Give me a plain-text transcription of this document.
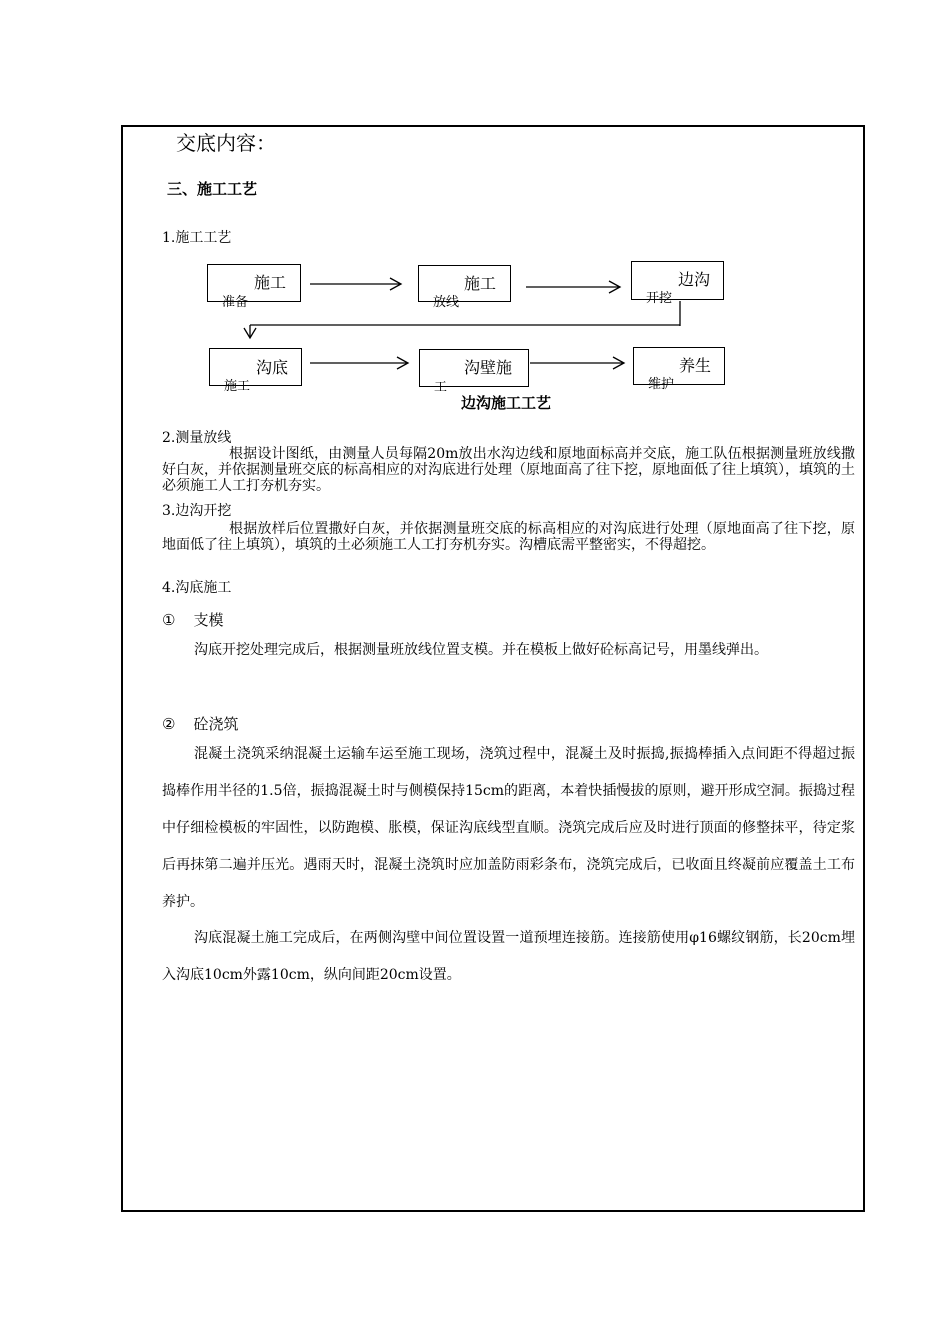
交底内容：
三、施工工艺
1.施工工艺
施工
准备
施工
放线
边沟
开挖
沟底
施工
沟壁施
工
养生
维护
边沟施工工艺
2.测量放线
根据设计图纸，由测量人员每隔20m放出水沟边线和原地面标高并交底，施工队伍根据测量班放线撒好白灰，并依据测量班交底的标高相应的对沟底进行处理（原地面高了往下挖，原地面低了往上填筑），填筑的土必须施工人工打夯机夯实。
3.边沟开挖
根据放样后位置撒好白灰，并依据测量班交底的标高相应的对沟底进行处理（原地面高了往下挖，原地面低了往上填筑），填筑的土必须施工人工打夯机夯实。沟槽底需平整密实，不得超挖。
4.沟底施工
① 支模
沟底开挖处理完成后，根据测量班放线位置支模。并在模板上做好砼标高记号，用墨线弹出。
② 砼浇筑
混凝土浇筑采纳混凝土运输车运至施工现场，浇筑过程中，混凝土及时振捣,振捣棒插入点间距不得超过振捣棒作用半径的1.5倍，振捣混凝土时与侧模保持15cm的距离，本着快插慢拔的原则，避开形成空洞。振捣过程中仔细检模板的牢固性，以防跑模、胀模，保证沟底线型直顺。浇筑完成后应及时进行顶面的修整抹平，待定浆后再抹第二遍并压光。遇雨天时，混凝土浇筑时应加盖防雨彩条布，浇筑完成后，已收面且终凝前应覆盖土工布养护。
沟底混凝土施工完成后，在两侧沟壁中间位置设置一道预埋连接筋。连接筋使用φ16螺纹钢筋，长20cm埋入沟底10cm外露10cm，纵向间距20cm设置。
